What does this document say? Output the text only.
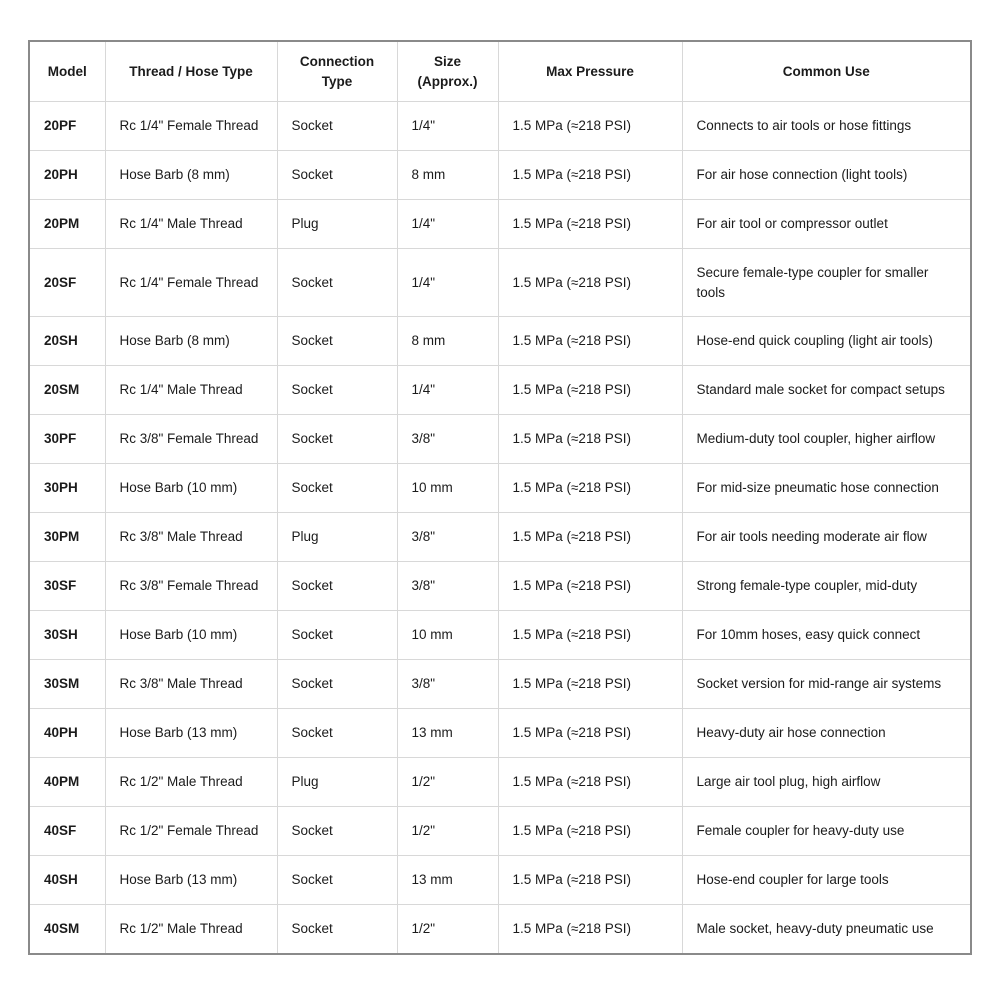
Model	Thread / Hose Type	Connection Type	Size (Approx.)	Max Pressure	Common Use
20PF	Rc 1/4" Female Thread	Socket	1/4"	1.5 MPa (≈218 PSI)	Connects to air tools or hose fittings
20PH	Hose Barb (8 mm)	Socket	8 mm	1.5 MPa (≈218 PSI)	For air hose connection (light tools)
20PM	Rc 1/4" Male Thread	Plug	1/4"	1.5 MPa (≈218 PSI)	For air tool or compressor outlet
20SF	Rc 1/4" Female Thread	Socket	1/4"	1.5 MPa (≈218 PSI)	Secure female-type coupler for smaller tools
20SH	Hose Barb (8 mm)	Socket	8 mm	1.5 MPa (≈218 PSI)	Hose-end quick coupling (light air tools)
20SM	Rc 1/4" Male Thread	Socket	1/4"	1.5 MPa (≈218 PSI)	Standard male socket for compact setups
30PF	Rc 3/8" Female Thread	Socket	3/8"	1.5 MPa (≈218 PSI)	Medium-duty tool coupler, higher airflow
30PH	Hose Barb (10 mm)	Socket	10 mm	1.5 MPa (≈218 PSI)	For mid-size pneumatic hose connection
30PM	Rc 3/8" Male Thread	Plug	3/8"	1.5 MPa (≈218 PSI)	For air tools needing moderate air flow
30SF	Rc 3/8" Female Thread	Socket	3/8"	1.5 MPa (≈218 PSI)	Strong female-type coupler, mid-duty
30SH	Hose Barb (10 mm)	Socket	10 mm	1.5 MPa (≈218 PSI)	For 10mm hoses, easy quick connect
30SM	Rc 3/8" Male Thread	Socket	3/8"	1.5 MPa (≈218 PSI)	Socket version for mid-range air systems
40PH	Hose Barb (13 mm)	Socket	13 mm	1.5 MPa (≈218 PSI)	Heavy-duty air hose connection
40PM	Rc 1/2" Male Thread	Plug	1/2"	1.5 MPa (≈218 PSI)	Large air tool plug, high airflow
40SF	Rc 1/2" Female Thread	Socket	1/2"	1.5 MPa (≈218 PSI)	Female coupler for heavy-duty use
40SH	Hose Barb (13 mm)	Socket	13 mm	1.5 MPa (≈218 PSI)	Hose-end coupler for large tools
40SM	Rc 1/2" Male Thread	Socket	1/2"	1.5 MPa (≈218 PSI)	Male socket, heavy-duty pneumatic use
